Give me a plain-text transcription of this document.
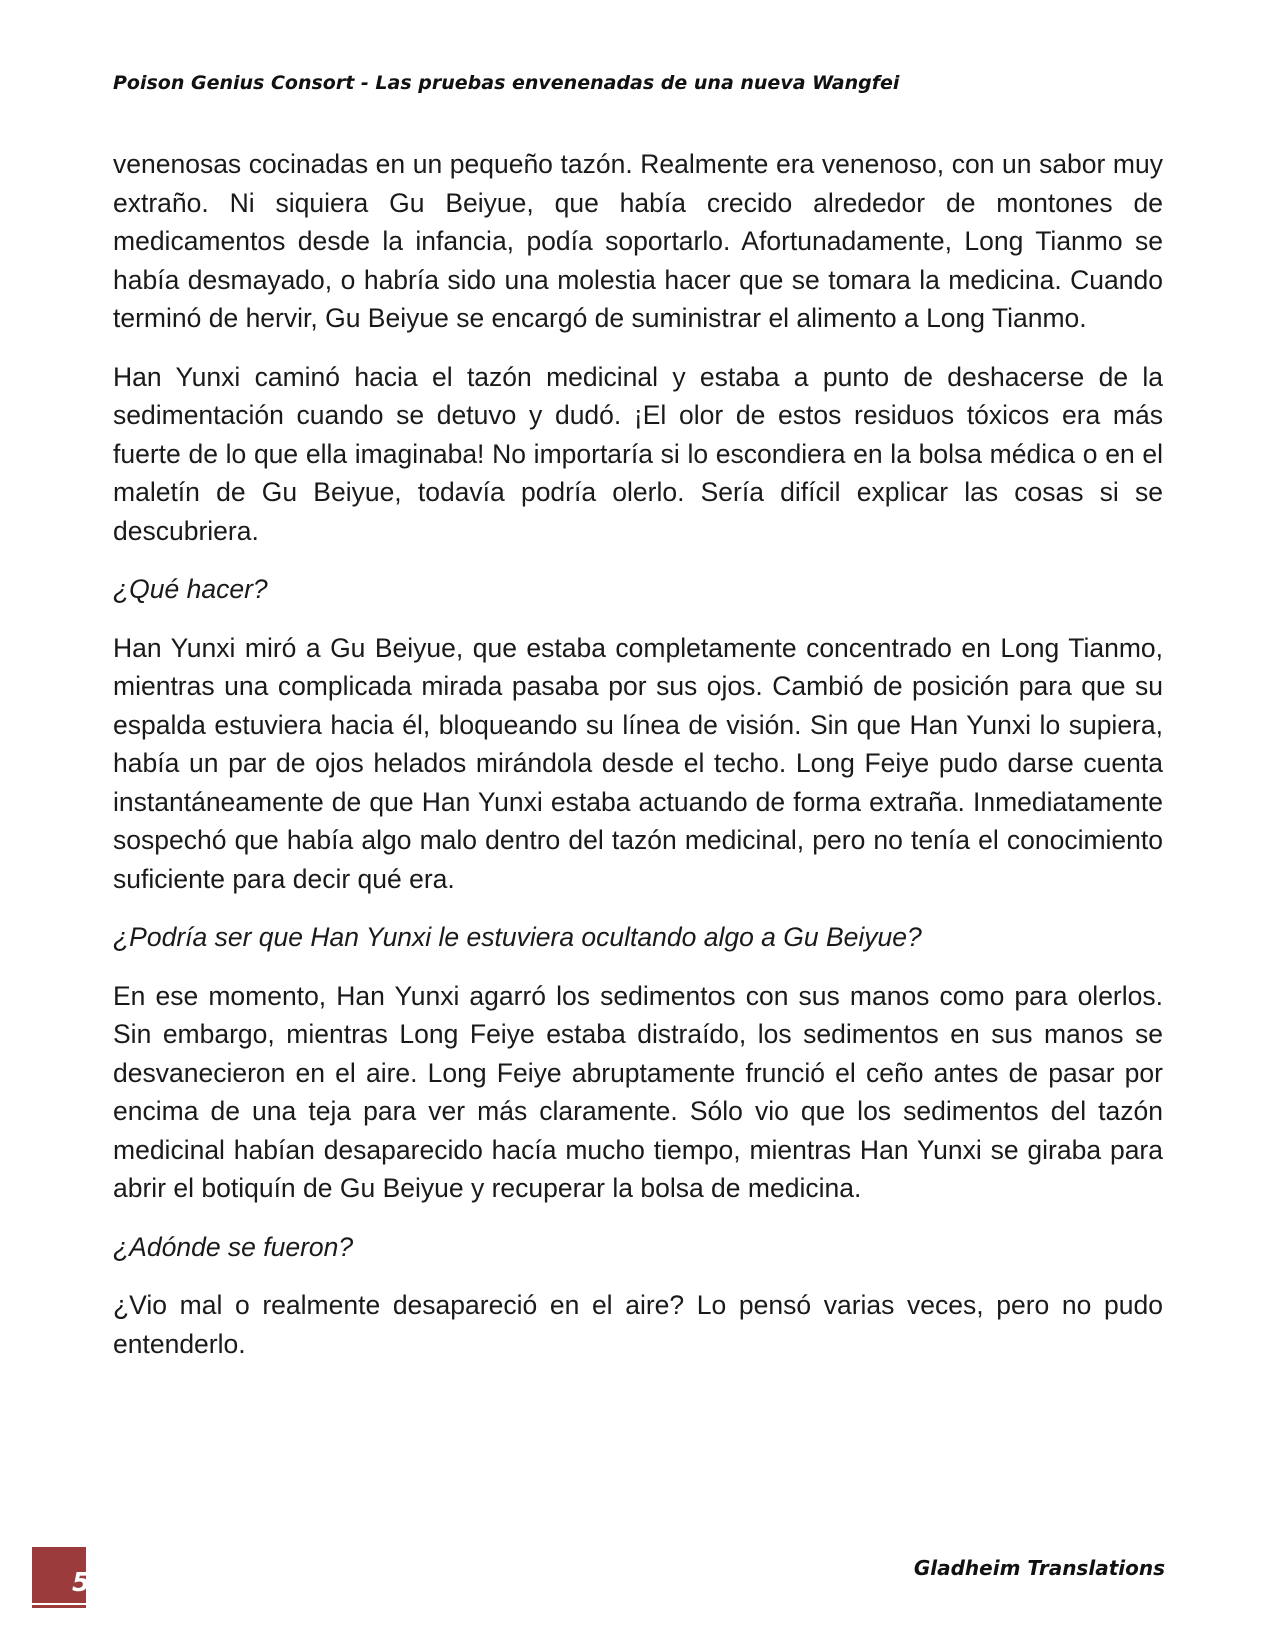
Poison Genius Consort - Las pruebas envenenadas de una nueva Wangfei

venenosas cocinadas en un pequeño tazón. Realmente era venenoso, con un sabor muy extraño. Ni siquiera Gu Beiyue, que había crecido alrededor de montones de medicamentos desde la infancia, podía soportarlo. Afortunadamente, Long Tianmo se había desmayado, o habría sido una molestia hacer que se tomara la medicina. Cuando terminó de hervir, Gu Beiyue se encargó de suministrar el alimento a Long Tianmo.

Han Yunxi caminó hacia el tazón medicinal y estaba a punto de deshacerse de la sedimentación cuando se detuvo y dudó. ¡El olor de estos residuos tóxicos era más fuerte de lo que ella imaginaba! No importaría si lo escondiera en la bolsa médica o en el maletín de Gu Beiyue, todavía podría olerlo. Sería difícil explicar las cosas si se descubriera.

¿Qué hacer?

Han Yunxi miró a Gu Beiyue, que estaba completamente concentrado en Long Tianmo, mientras una complicada mirada pasaba por sus ojos. Cambió de posición para que su espalda estuviera hacia él, bloqueando su línea de visión. Sin que Han Yunxi lo supiera, había un par de ojos helados mirándola desde el techo. Long Feiye pudo darse cuenta instantáneamente de que Han Yunxi estaba actuando de forma extraña. Inmediatamente sospechó que había algo malo dentro del tazón medicinal, pero no tenía el conocimiento suficiente para decir qué era.

¿Podría ser que Han Yunxi le estuviera ocultando algo a Gu Beiyue?

En ese momento, Han Yunxi agarró los sedimentos con sus manos como para olerlos. Sin embargo, mientras Long Feiye estaba distraído, los sedimentos en sus manos se desvanecieron en el aire. Long Feiye abruptamente frunció el ceño antes de pasar por encima de una teja para ver más claramente. Sólo vio que los sedimentos del tazón medicinal habían desaparecido hacía mucho tiempo, mientras Han Yunxi se giraba para abrir el botiquín de Gu Beiyue y recuperar la bolsa de medicina.

¿Adónde se fueron?

¿Vio mal o realmente desapareció en el aire? Lo pensó varias veces, pero no pudo entenderlo.

5	Gladheim Translations
